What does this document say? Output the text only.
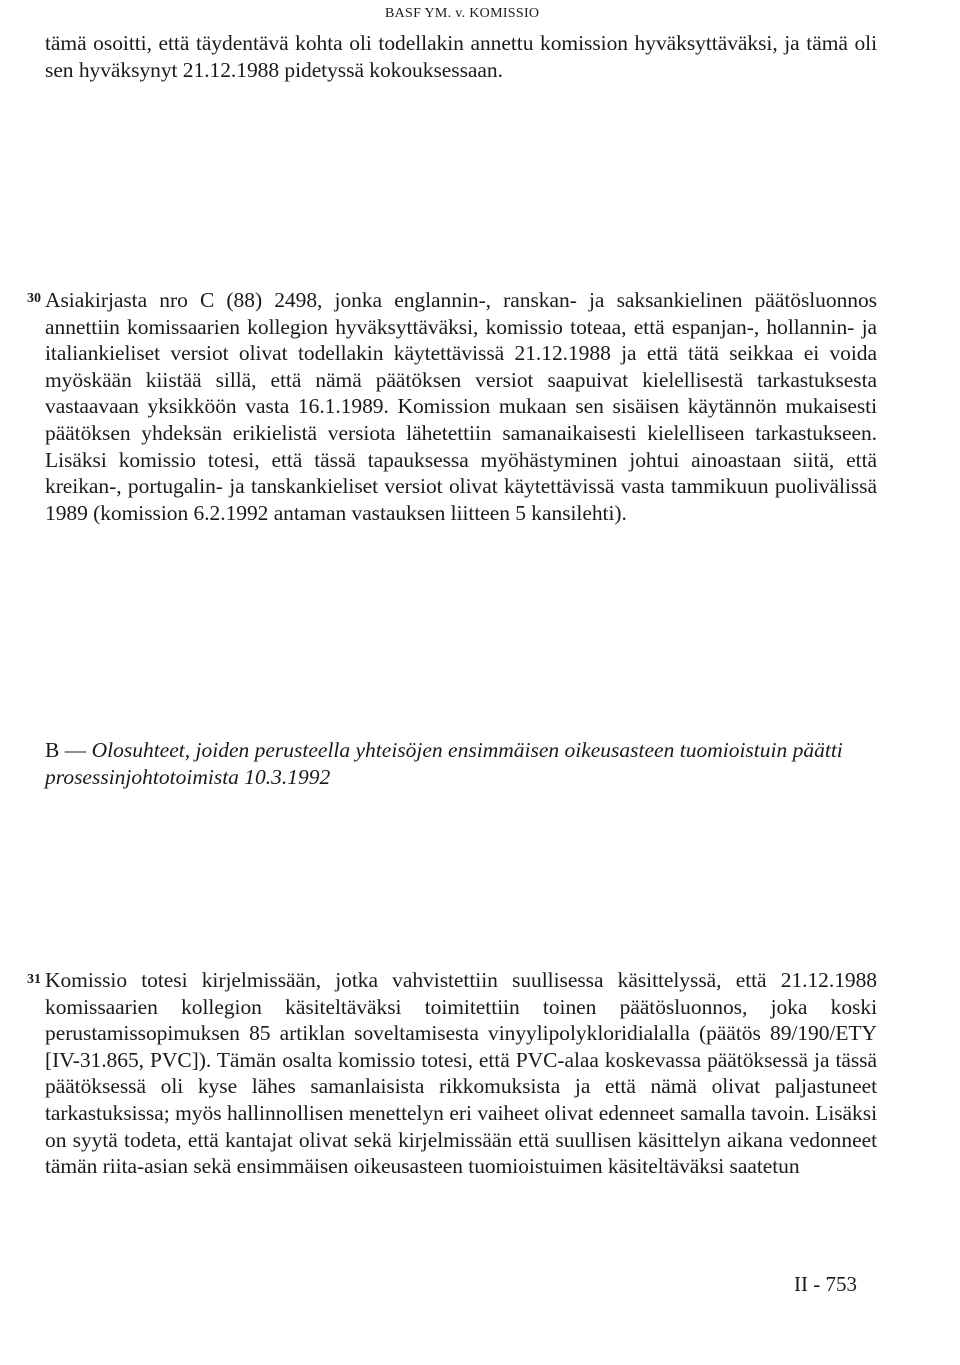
BASF YM. v. KOMISSIO

tämä osoitti, että täydentävä kohta oli todellakin annettu komission hyväksyttäväksi, ja tämä oli sen hyväksynyt 21.12.1988 pidetyssä kokouksessaan.

30 Asiakirjasta nro C (88) 2498, jonka englannin-, ranskan- ja saksankielinen päätösluonnos annettiin komissaarien kollegion hyväksyttäväksi, komissio toteaa, että espanjan-, hollannin- ja italiankieliset versiot olivat todellakin käytettävissä 21.12.1988 ja että tätä seikkaa ei voida myöskään kiistää sillä, että nämä päätöksen versiot saapuivat kielellisestä tarkastuksesta vastaavaan yksikköön vasta 16.1.1989. Komission mukaan sen sisäisen käytännön mukaisesti päätöksen yhdeksän erikielistä versiota lähetettiin samanaikaisesti kielelliseen tarkastukseen. Lisäksi komissio totesi, että tässä tapauksessa myöhästyminen johtui ainoastaan siitä, että kreikan-, portugalin- ja tanskankieliset versiot olivat käytettävissä vasta tammikuun puolivälissä 1989 (komission 6.2.1992 antaman vastauksen liitteen 5 kansilehti).

B — Olosuhteet, joiden perusteella yhteisöjen ensimmäisen oikeusasteen tuomioistuin päätti prosessinjohtotoimista 10.3.1992
31 Komissio totesi kirjelmissään, jotka vahvistettiin suullisessa käsittelyssä, että 21.12.1988 komissaarien kollegion käsiteltäväksi toimitettiin toinen päätösluonnos, joka koski perustamissopimuksen 85 artiklan soveltamisesta vinyylipolykloridialalla (päätös 89/190/ETY [IV-31.865, PVC]). Tämän osalta komissio totesi, että PVC-alaa koskevassa päätöksessä ja tässä päätöksessä oli kyse lähes samanlaisista rikkomuksista ja että nämä olivat paljastuneet tarkastuksissa; myös hallinnollisen menettelyn eri vaiheet olivat edenneet samalla tavoin. Lisäksi on syytä todeta, että kantajat olivat sekä kirjelmissään että suullisen käsittelyn aikana vedonneet tämän riita-asian sekä ensimmäisen oikeusasteen tuomioistuimen käsiteltäväksi saatetun

II - 753
